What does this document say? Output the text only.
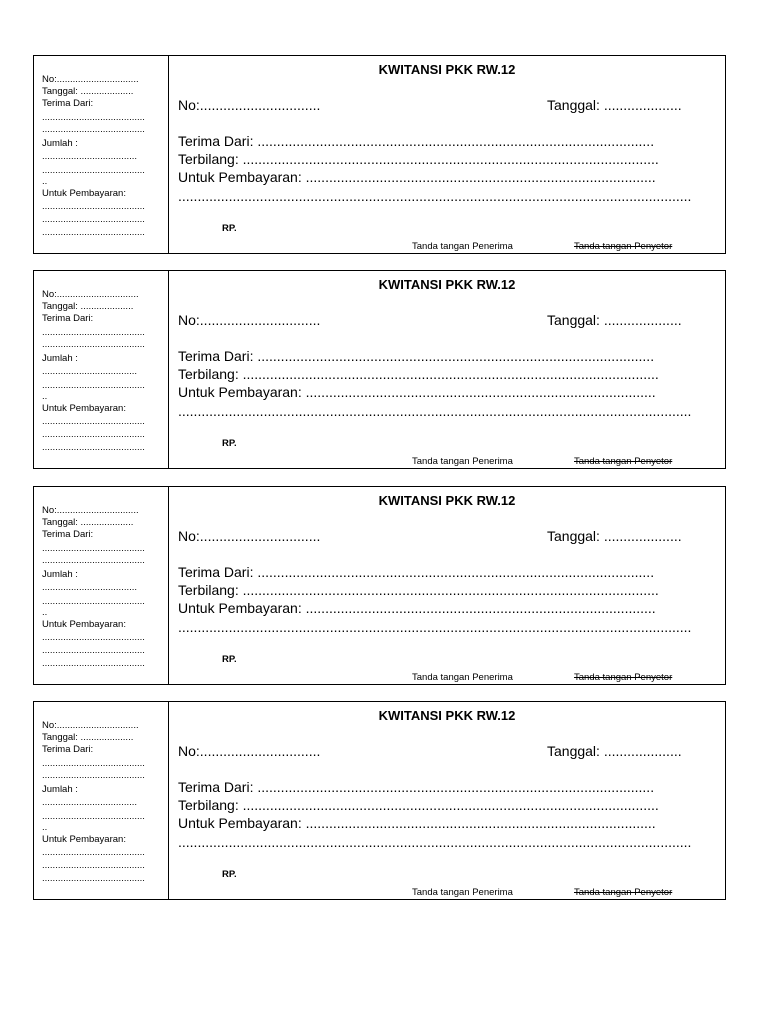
No:...............................
Tanggal: ....................
Terima Dari:
.......................................
.......................................
Jumlah :
....................................
.......................................
..
Untuk Pembayaran:
.......................................
.......................................
.......................................
KWITANSI PKK RW.12
No:...............................	Tanggal: ....................
Terima Dari: ......................................................................................................
Terbilang: ...........................................................................................................
Untuk Pembayaran: ..........................................................................................
....................................................................................................................................
RP.
Tanda tangan Penerima	Tanda tangan Penyetor
No:...............................
Tanggal: ....................
Terima Dari:
.......................................
.......................................
Jumlah :
....................................
.......................................
..
Untuk Pembayaran:
.......................................
.......................................
.......................................
KWITANSI PKK RW.12
No:...............................	Tanggal: ....................
Terima Dari: ......................................................................................................
Terbilang: ...........................................................................................................
Untuk Pembayaran: ..........................................................................................
....................................................................................................................................
RP.
Tanda tangan Penerima	Tanda tangan Penyetor
No:...............................
Tanggal: ....................
Terima Dari:
.......................................
.......................................
Jumlah :
....................................
.......................................
..
Untuk Pembayaran:
.......................................
.......................................
.......................................
KWITANSI PKK RW.12
No:...............................	Tanggal: ....................
Terima Dari: ......................................................................................................
Terbilang: ...........................................................................................................
Untuk Pembayaran: ..........................................................................................
....................................................................................................................................
RP.
Tanda tangan Penerima	Tanda tangan Penyetor
No:...............................
Tanggal: ....................
Terima Dari:
.......................................
.......................................
Jumlah :
....................................
.......................................
..
Untuk Pembayaran:
.......................................
.......................................
.......................................
KWITANSI PKK RW.12
No:...............................	Tanggal: ....................
Terima Dari: ......................................................................................................
Terbilang: ...........................................................................................................
Untuk Pembayaran: ..........................................................................................
....................................................................................................................................
RP.
Tanda tangan Penerima	Tanda tangan Penyetor
